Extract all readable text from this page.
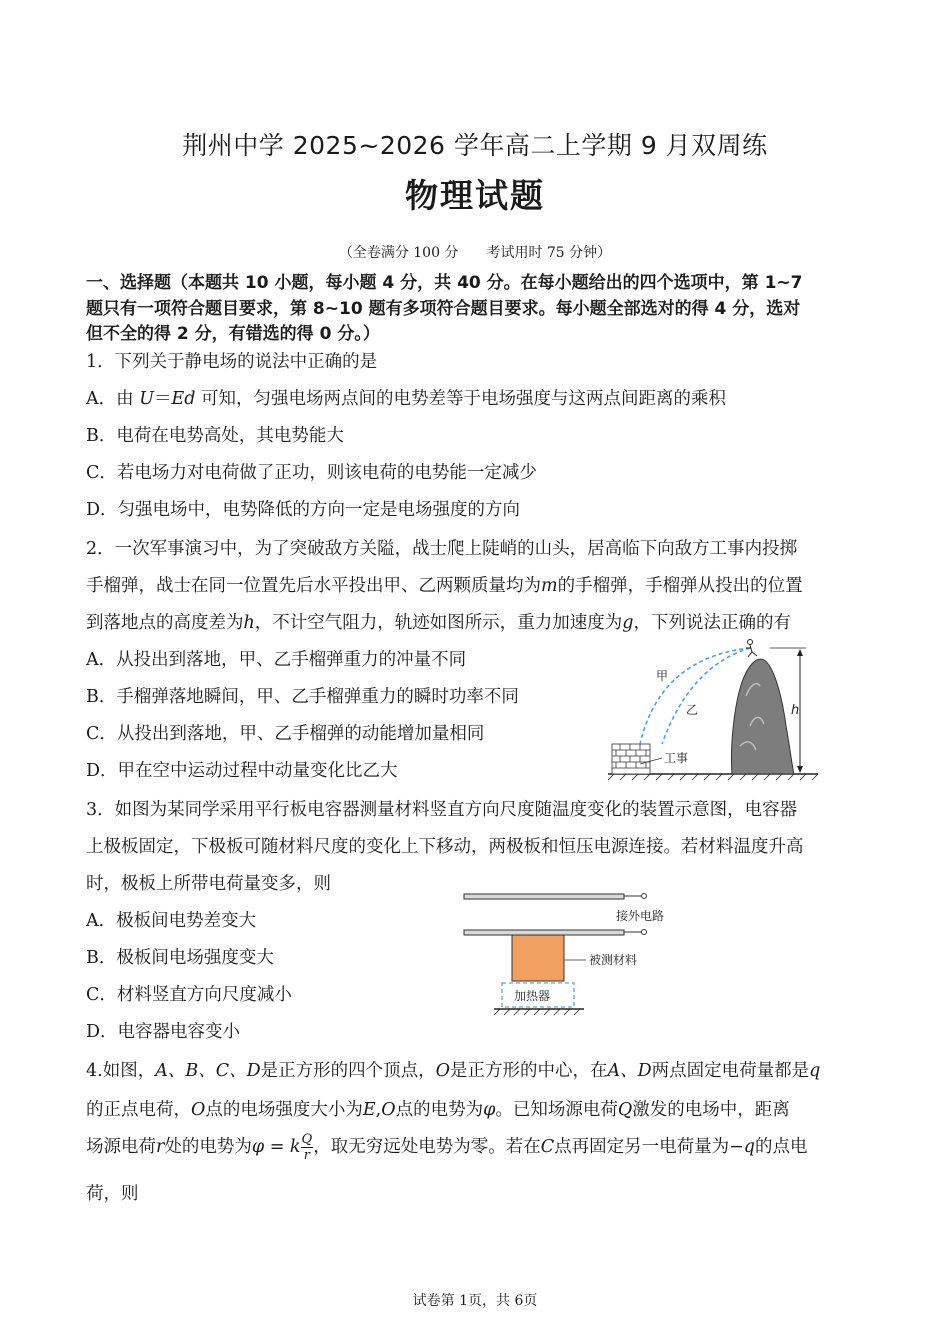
荆州中学 2025~2026 学年高二上学期 9 月双周练
物理试题
（全卷满分 100 分　　考试用时 75 分钟）
一、选择题（本题共 10 小题，每小题 4 分，共 40 分。在每小题给出的四个选项中，第 1~7
题只有一项符合题目要求，第 8~10 题有多项符合题目要求。每小题全部选对的得 4 分，选对
但不全的得 2 分，有错选的得 0 分。）
1．下列关于静电场的说法中正确的是
A．由 U＝Ed 可知，匀强电场两点间的电势差等于电场强度与这两点间距离的乘积
B．电荷在电势高处，其电势能大
C．若电场力对电荷做了正功，则该电荷的电势能一定减少
D．匀强电场中，电势降低的方向一定是电场强度的方向
2．一次军事演习中，为了突破敌方关隘，战士爬上陡峭的山头，居高临下向敌方工事内投掷
手榴弹，战士在同一位置先后水平投出甲、乙两颗质量均为m的手榴弹，手榴弹从投出的位置
到落地点的高度差为h，不计空气阻力，轨迹如图所示，重力加速度为g，下列说法正确的有
A．从投出到落地，甲、乙手榴弹重力的冲量不同
B．手榴弹落地瞬间，甲、乙手榴弹重力的瞬时功率不同
C．从投出到落地，甲、乙手榴弹的动能增加量相同
D．甲在空中运动过程中动量变化比乙大
工事
甲
乙	h
3．如图为某同学采用平行板电容器测量材料竖直方向尺度随温度变化的装置示意图，电容器
上极板固定，下极板可随材料尺度的变化上下移动，两极板和恒压电源连接。若材料温度升高
时，极板上所带电荷量变多，则
A．极板间电势差变大
B．极板间电场强度变大
C．材料竖直方向尺度减小
D．电容器电容变小
接外电路
被测材料
加热器
4.如图，A、B、C、D是正方形的四个顶点，O是正方形的中心，在A、D两点固定电荷量都是q
的正点电荷，O点的电场强度大小为E,O点的电势为φ。已知场源电荷Q激发的电场中，距离
场源电荷r处的电势为φ = k $\frac{Q}{r}$ ，取无穷远处电势为零。若在C点再固定另一电荷量为−q的点电
荷，则
试卷第 1页，共 6页
